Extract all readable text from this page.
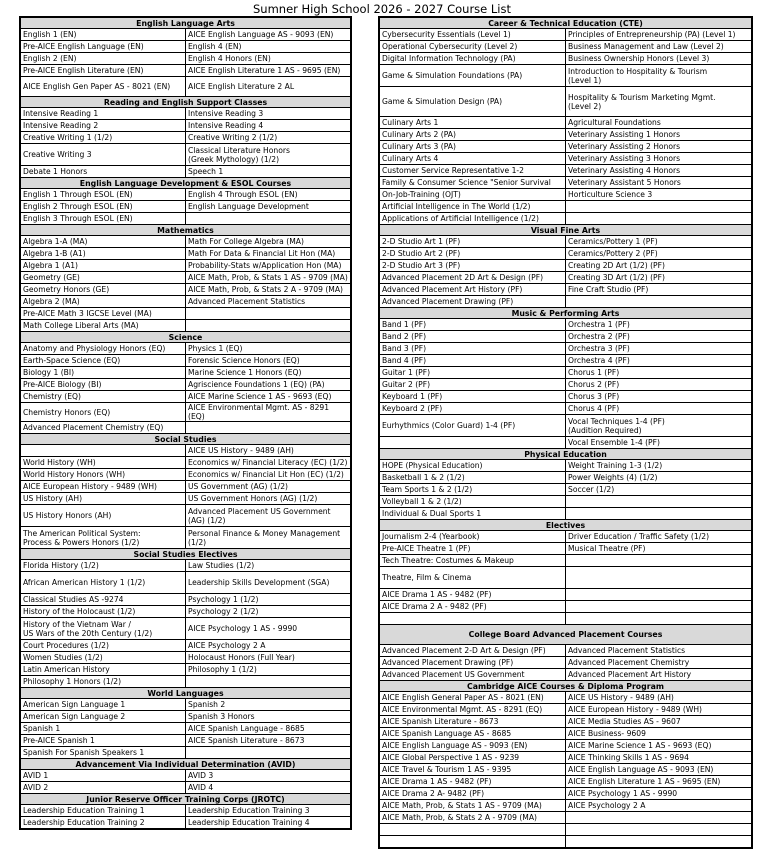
Sumner High School 2026 - 2027 Course List
English Language Arts	
English 1 (EN)	AICE English Language AS - 9093 (EN)
Pre-AICE English Language (EN)	English 4 (EN)
English 2 (EN)	English 4 Honors (EN)
Pre-AICE English Literature (EN)	AICE English Literature 1 AS - 9695 (EN)
AICE English Gen Paper AS - 8021 (EN)	AICE English Literature 2 AL
Reading and English Support Classes	
Intensive Reading 1	Intensive Reading 3
Intensive Reading 2	Intensive Reading 4
Creative Writing 1 (1/2)	Creative Writing 2 (1/2)
Creative Writing 3	Classical Literature Honors
(Greek Mythology) (1/2)
Debate 1 Honors	Speech 1
English Language Development & ESOL Courses	
English 1 Through ESOL (EN)	English 4 Through ESOL (EN)
English 2 Through ESOL (EN)	English Language Development
English 3 Through ESOL (EN)	
Mathematics	
Algebra 1-A (MA)	Math For College Algebra (MA)
Algebra 1-B (A1)	Math For Data & Financial Lit Hon (MA)
Algebra 1 (A1)	Probability-Stats w/Application Hon (MA)
Geometry (GE)	AICE Math, Prob, & Stats 1 AS - 9709 (MA)
Geometry Honors (GE)	AICE Math, Prob, & Stats 2 A - 9709 (MA)
Algebra 2 (MA)	Advanced Placement Statistics
Pre-AICE Math 3 IGCSE Level (MA)	
Math College Liberal Arts (MA)	
Science	
Anatomy and Physiology Honors (EQ)	Physics 1 (EQ)
Earth-Space Science (EQ)	Forensic Science Honors (EQ)
Biology 1 (BI)	Marine Science 1 Honors (EQ)
Pre-AICE Biology (BI)	Agriscience Foundations 1 (EQ) (PA)
Chemistry (EQ)	AICE Marine Science 1 AS - 9693 (EQ)
Chemistry Honors (EQ)	AICE Environmental Mgmt. AS - 8291 (EQ)
Advanced Placement Chemistry (EQ)	
Social Studies	
	AICE US History - 9489 (AH)
World History (WH)	Economics w/ Financial Literacy (EC) (1/2)
World History Honors (WH)	Economics w/ Financial Lit Hon (EC) (1/2)
AICE European History - 9489 (WH)	US Government (AG) (1/2)
US History (AH)	US Government Honors (AG) (1/2)
US History Honors (AH)	Advanced Placement US Government
(AG) (1/2)
The American Political System:
Process & Powers Honors (1/2)	Personal Finance & Money Management
(1/2)
Social Studies Electives	
Florida History (1/2)	Law Studies (1/2)
African American History 1 (1/2)	Leadership Skills Development (SGA)
Classical Studies AS -9274	Psychology 1 (1/2)
History of the Holocaust (1/2)	Psychology 2 (1/2)
History of the Vietnam War /
US Wars of the 20th Century (1/2)	AICE Psychology 1 AS - 9990
Court Procedures (1/2)	AICE Psychology 2 A
Women Studies (1/2)	Holocaust Honors (Full Year)
Latin American History	Philosophy 1 (1/2)
Philosophy 1 Honors (1/2)	
World Languages	
American Sign Language 1	Spanish 2
American Sign Language 2	Spanish 3 Honors
Spanish 1	AICE Spanish Language - 8685
Pre-AICE Spanish 1	AICE Spanish Literature - 8673
Spanish For Spanish Speakers 1	
Advancement Via Individual Determination (AVID)	
AVID 1	AVID 3
AVID 2	AVID 4
Junior Reserve Officer Training Corps (JROTC)	
Leadership Education Training 1	Leadership Education Training 3
Leadership Education Training 2	Leadership Education Training 4
Career & Technical Education (CTE)	
Cybersecurity Essentials (Level 1)	Principles of Entrepreneurship (PA) (Level 1)
Operational Cybersecurity (Level 2)	Business Management and Law (Level 2)
Digital Information Technology (PA)	Business Ownership Honors (Level 3)
Game & Simulation Foundations (PA)	Introduction to Hospitality & Tourism
(Level 1)
Game & Simulation Design (PA)	Hospitality & Tourism Marketing Mgmt.
(Level 2)
Culinary Arts 1	Agricultural Foundations
Culinary Arts 2 (PA)	Veterinary Assisting 1 Honors
Culinary Arts 3 (PA)	Veterinary Assisting 2 Honors
Culinary Arts 4	Veterinary Assisting 3 Honors
Customer Service Representative 1-2	Veterinary Assisting 4 Honors
Family & Consumer Science "Senior Survival	Veterinary Assistant 5 Honors
On-Job-Training (OJT)	Horticulture Science 3
Artificial Intelligence in The World (1/2)	
Applications of Artificial Intelligence (1/2)	
Visual Fine Arts	
2-D Studio Art 1 (PF)	Ceramics/Pottery 1 (PF)
2-D Studio Art 2 (PF)	Ceramics/Pottery 2 (PF)
2-D Studio Art 3 (PF)	Creating 2D Art (1/2) (PF)
Advanced Placement 2D Art & Design (PF)	Creating 3D Art (1/2) (PF)
Advanced Placement Art History (PF)	Fine Craft Studio (PF)
Advanced Placement Drawing (PF)	
Music & Performing Arts	
Band 1 (PF)	Orchestra 1 (PF)
Band 2 (PF)	Orchestra 2 (PF)
Band 3 (PF)	Orchestra 3 (PF)
Band 4 (PF)	Orchestra 4 (PF)
Guitar 1 (PF)	Chorus 1 (PF)
Guitar 2 (PF)	Chorus 2 (PF)
Keyboard 1 (PF)	Chorus 3 (PF)
Keyboard 2 (PF)	Chorus 4 (PF)
Eurhythmics (Color Guard) 1-4 (PF)	Vocal Techniques 1-4 (PF)
(Audition Required)
	Vocal Ensemble 1-4 (PF)
Physical Education	
HOPE (Physical Education)	Weight Training 1-3 (1/2)
Basketball 1 & 2 (1/2)	Power Weights (4) (1/2)
Team Sports 1 & 2 (1/2)	Soccer (1/2)
Volleyball 1 & 2 (1/2)	
Individual & Dual Sports 1	
Electives	
Journalism 2-4 (Yearbook)	Driver Education / Traffic Safety (1/2)
Pre-AICE Theatre 1 (PF)	Musical Theatre (PF)
Tech Theatre: Costumes & Makeup	
Theatre, Film & Cinema	
AICE Drama 1 AS - 9482 (PF)	
AICE Drama 2 A - 9482 (PF)	

College Board Advanced Placement Courses	
Advanced Placement 2-D Art & Design (PF)	Advanced Placement Statistics
Advanced Placement Drawing (PF)	Advanced Placement Chemistry
Advanced Placement US Government	Advanced Placement Art History
Cambridge AICE Courses & Diploma Program	
AICE English General Paper AS - 8021 (EN)	AICE US History - 9489 (AH)
AICE Environmental Mgmt. AS - 8291 (EQ)	AICE European History - 9489 (WH)
AICE Spanish Literature - 8673	AICE Media Studies AS - 9607
AICE Spanish Language AS - 8685	AICE Business- 9609
AICE English Language AS - 9093 (EN)	AICE Marine Science 1 AS - 9693 (EQ)
AICE Global Perspective 1 AS - 9239	AICE Thinking Skills 1 AS - 9694
AICE Travel & Tourism 1 AS - 9395	AICE English Language AS - 9093 (EN)
AICE Drama 1 AS - 9482 (PF)	AICE English Literature 1 AS - 9695 (EN)
AICE Drama 2 A- 9482 (PF)	AICE Psychology 1 AS - 9990
AICE Math, Prob, & Stats 1 AS - 9709 (MA)	AICE Psychology 2 A
AICE Math, Prob, & Stats 2 A - 9709 (MA)	
